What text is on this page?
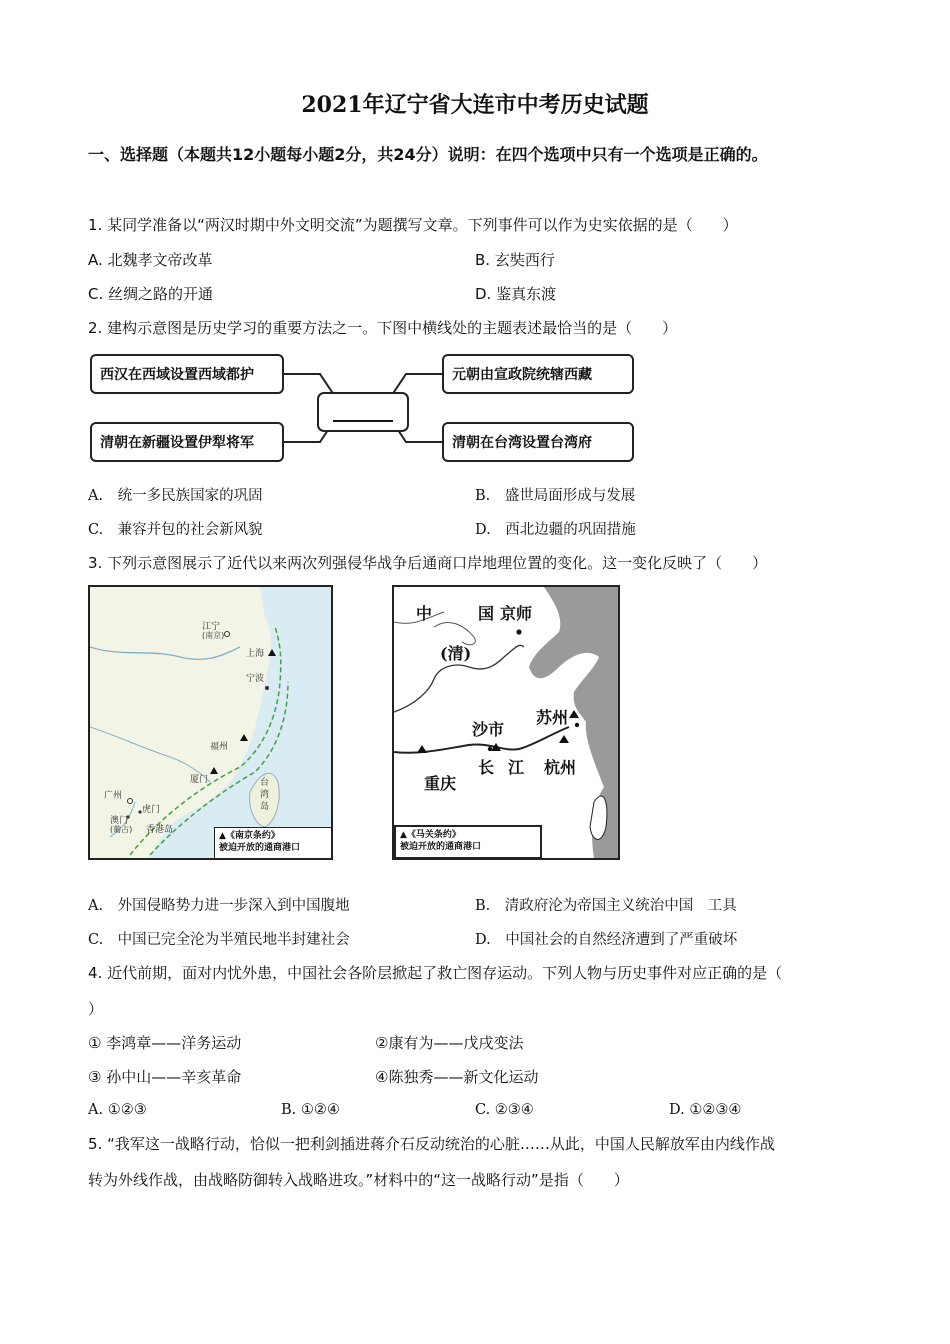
2021年辽宁省大连市中考历史试题
一、选择题（本题共12小题每小题2分，共24分）说明：在四个选项中只有一个选项是正确的。
1. 某同学准备以“两汉时期中外文明交流”为题撰写文章。下列事件可以作为史实依据的是（　　）
A. 北魏孝文帝改革	B. 玄奘西行
C. 丝绸之路的开通	D. 鉴真东渡
2. 建构示意图是历史学习的重要方法之一。下图中横线处的主题表述最恰当的是（　　）
西汉在西域设置西域都护	元朝由宣政院统辖西藏
清朝在新疆设置伊犁将军	清朝在台湾设置台湾府
A.　统一多民族国家的巩固	B.　盛世局面形成与发展
C.　兼容并包的社会新风貌	D.　西北边疆的巩固措施
3. 下列示意图展示了近代以来两次列强侵华战争后通商口岸地理位置的变化。这一变化反映了（　　）
江宁
(南京)
上海
宁波
福州
厦门
广州
虎门
澳门
(葡占) 香港岛
台
湾
岛
▲《南京条约》
被迫开放的通商港口
中	国 京师
(清)
沙市
苏州
重庆
长 江 杭州
▲《马关条约》
被迫开放的通商港口
A.　外国侵略势力进一步深入到中国腹地	B.　清政府沦为帝国主义统治中国　工具
C.　中国已完全沦为半殖民地半封建社会	D.　中国社会的自然经济遭到了严重破坏
4. 近代前期，面对内忧外患，中国社会各阶层掀起了救亡图存运动。下列人物与历史事件对应正确的是（
）
① 李鸿章——洋务运动	②康有为——戊戌变法
③ 孙中山——辛亥革命	④陈独秀——新文化运动
A. ①②③	B. ①②④	C. ②③④	D. ①②③④
5. “我军这一战略行动，恰似一把利剑插进蒋介石反动统治的心脏……从此，中国人民解放军由内线作战
转为外线作战，由战略防御转入战略进攻。”材料中的“这一战略行动”是指（　　）
